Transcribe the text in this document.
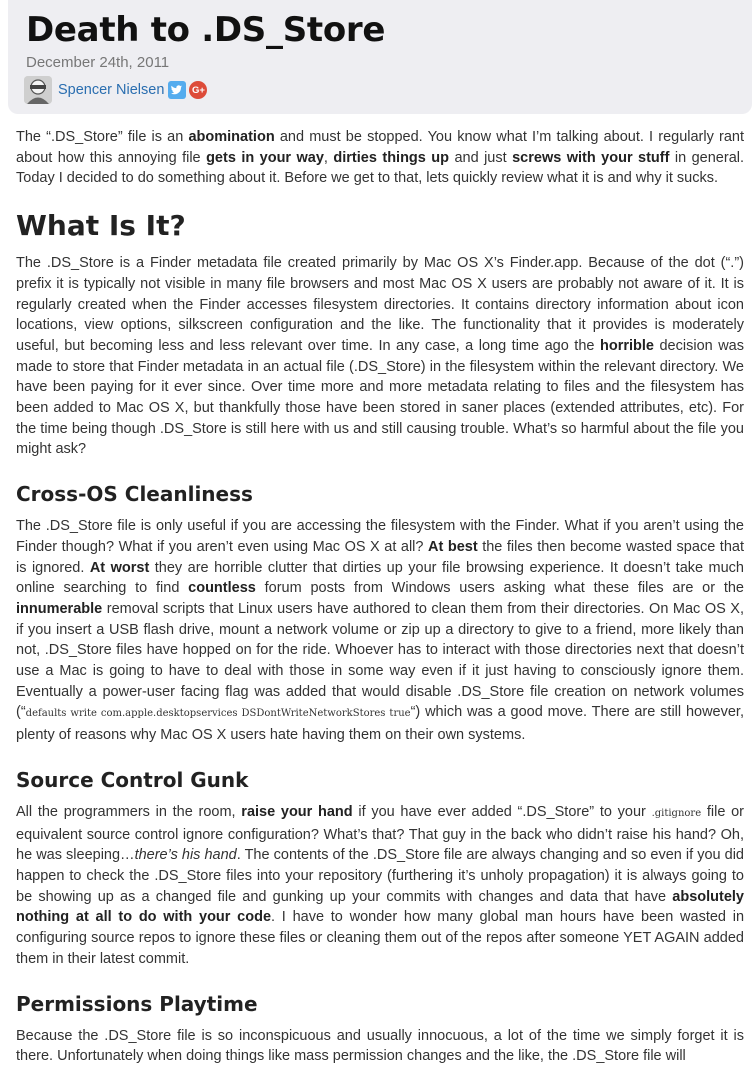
Death to .DS_Store
December 24th, 2011
Spencer Nielsen	G+

The “.DS_Store” file is an abomination and must be stopped. You know what I’m talking about. I regularly rant about how this annoying file gets in your way, dirties things up and just screws with your stuff in general. Today I decided to do something about it. Before we get to that, lets quickly review what it is and why it sucks.

What Is It?

The .DS_Store is a Finder metadata file created primarily by Mac OS X’s Finder.app. Because of the dot (“.”) prefix it is typically not visible in many file browsers and most Mac OS X users are probably not aware of it. It is regularly created when the Finder accesses filesystem directories. It contains directory information about icon locations, view options, silkscreen configuration and the like. The functionality that it provides is moderately useful, but becoming less and less relevant over time. In any case, a long time ago the horrible decision was made to store that Finder metadata in an actual file (.DS_Store) in the filesystem within the relevant directory. We have been paying for it ever since. Over time more and more metadata relating to files and the filesystem has been added to Mac OS X, but thankfully those have been stored in saner places (extended attributes, etc). For the time being though .DS_Store is still here with us and still causing trouble. What’s so harmful about the file you might ask?

Cross-OS Cleanliness

The .DS_Store file is only useful if you are accessing the filesystem with the Finder. What if you aren’t using the Finder though? What if you aren’t even using Mac OS X at all? At best the files then become wasted space that is ignored. At worst they are horrible clutter that dirties up your file browsing experience. It doesn’t take much online searching to find countless forum posts from Windows users asking what these files are or the innumerable removal scripts that Linux users have authored to clean them from their directories. On Mac OS X, if you insert a USB flash drive, mount a network volume or zip up a directory to give to a friend, more likely than not, .DS_Store files have hopped on for the ride. Whoever has to interact with those directories next that doesn’t use a Mac is going to have to deal with those in some way even if it just having to consciously ignore them. Eventually a power-user facing flag was added that would disable .DS_Store file creation on network volumes (“defaults write com.apple.desktopservices DSDontWriteNetworkStores true“) which was a good move. There are still however, plenty of reasons why Mac OS X users hate having them on their own systems.

Source Control Gunk

All the programmers in the room, raise your hand if you have ever added “.DS_Store” to your .gitignore file or equivalent source control ignore configuration? What’s that? That guy in the back who didn’t raise his hand? Oh, he was sleeping…there’s his hand. The contents of the .DS_Store file are always changing and so even if you did happen to check the .DS_Store files into your repository (furthering it’s unholy propagation) it is always going to be showing up as a changed file and gunking up your commits with changes and data that have absolutely nothing at all to do with your code. I have to wonder how many global man hours have been wasted in configuring source repos to ignore these files or cleaning them out of the repos after someone YET AGAIN added them in their latest commit.

Permissions Playtime

Because the .DS_Store file is so inconspicuous and usually innocuous, a lot of the time we simply forget it is there. Unfortunately when doing things like mass permission changes and the like, the .DS_Store file will
